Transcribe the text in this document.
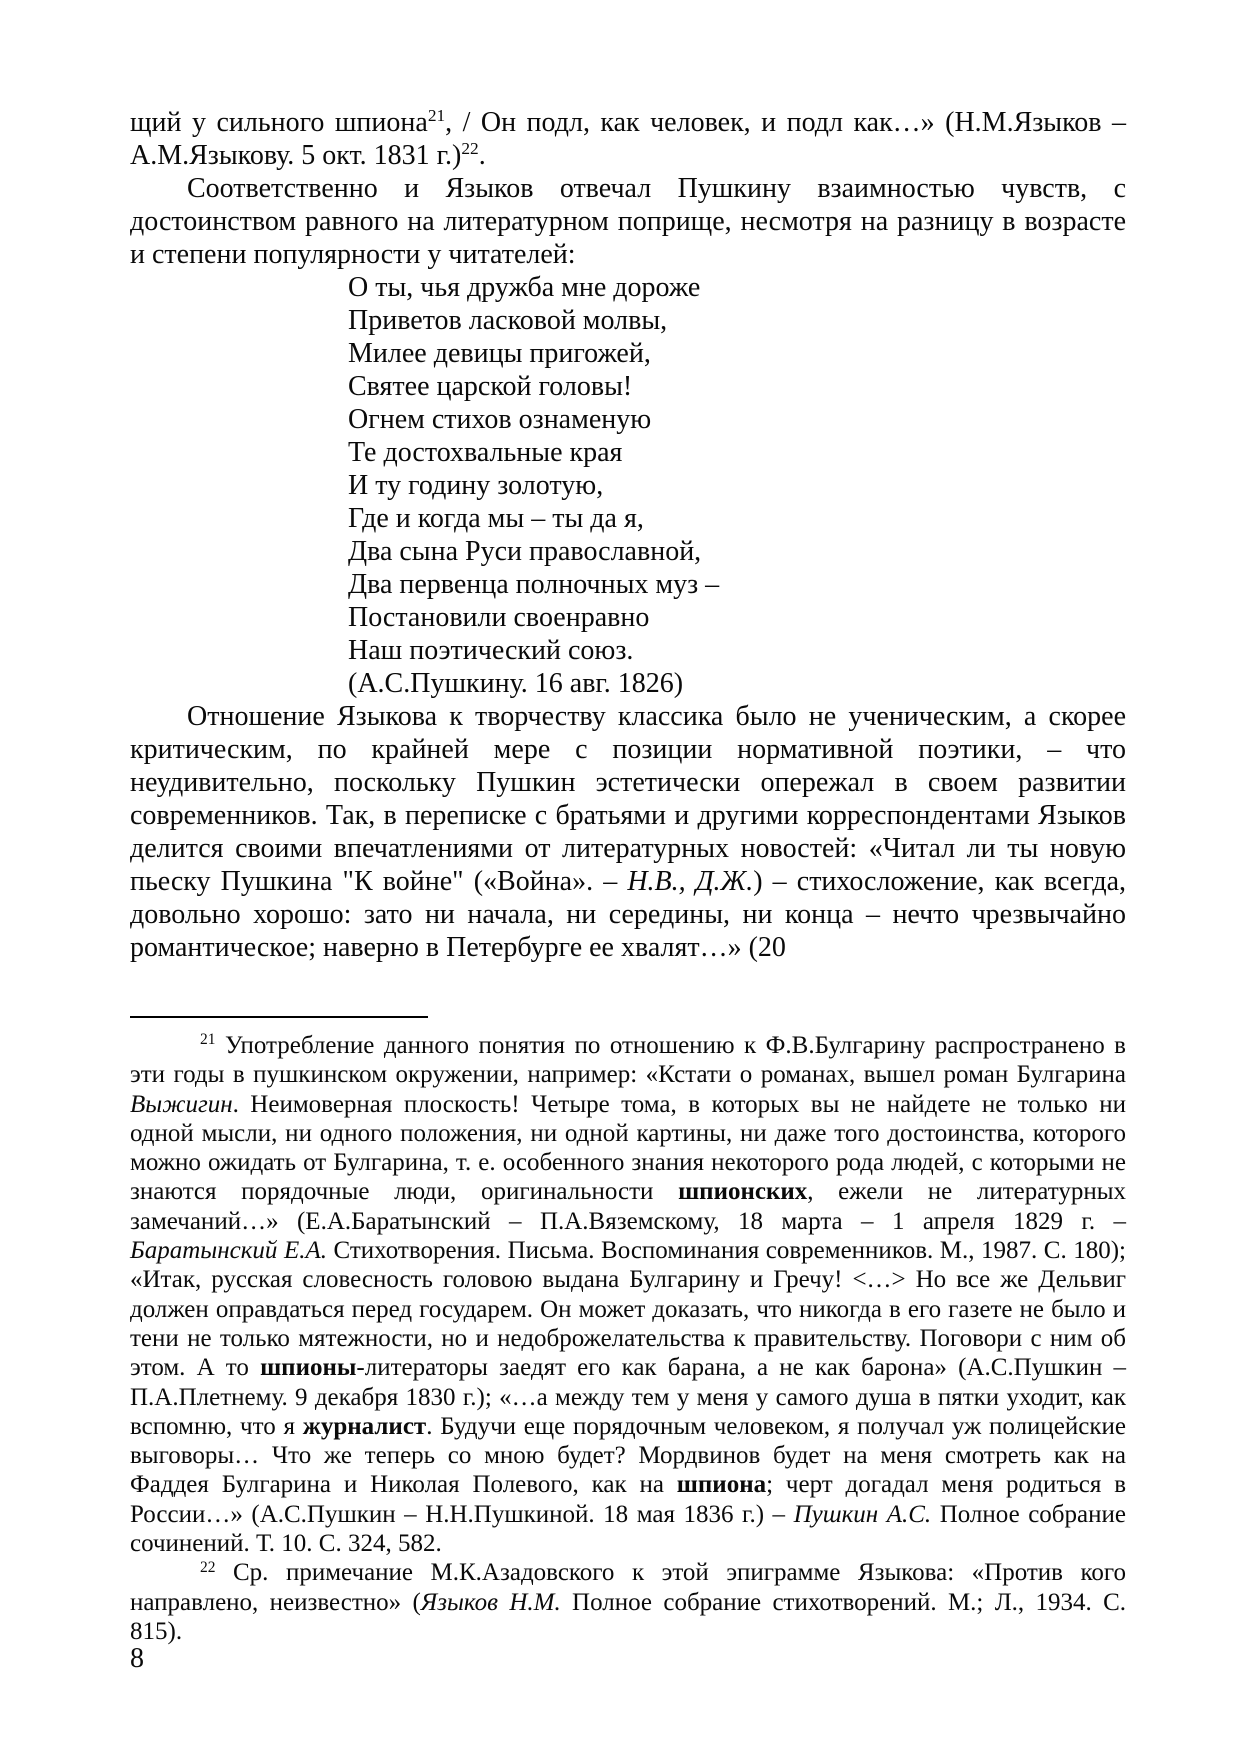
щий у сильного шпиона$^{21}$, / Он подл, как человек, и подл как…» (Н.М.Языков – А.М.Языкову. 5 окт. 1831 г.)$^{22}$.

Соответственно и Языков отвечал Пушкину взаимностью чувств, с достоинством равного на литературном поприще, несмотря на разницу в возрасте и степени популярности у читателей:

О ты, чья дружба мне дороже
Приветов ласковой молвы,
Милее девицы пригожей,
Святее царской головы!
Огнем стихов ознаменую
Те достохвальные края
И ту годину золотую,
Где и когда мы – ты да я,
Два сына Руси православной,
Два первенца полночных муз –
Постановили своенравно
Наш поэтический союз.
(А.С.Пушкину. 16 авг. 1826)

Отношение Языкова к творчеству классика было не ученическим, а скорее критическим, по крайней мере с позиции нормативной поэтики, – что неудивительно, поскольку Пушкин эстетически опережал в своем развитии современников. Так, в переписке с братьями и другими корреспондентами Языков делится своими впечатлениями от литературных новостей: «Читал ли ты новую пьеску Пушкина "К войне" («Война». – Н.В., Д.Ж.) – стихосложение, как всегда, довольно хорошо: зато ни начала, ни середины, ни конца – нечто чрезвычайно романтическое; наверно в Петербурге ее хвалят…» (20

$^{21}$ Употребление данного понятия по отношению к Ф.В.Булгарину распространено в эти годы в пушкинском окружении, например: «Кстати о романах, вышел роман Булгарина Выжигин. Неимоверная плоскость! Четыре тома, в которых вы не найдете не только ни одной мысли, ни одного положения, ни одной картины, ни даже того достоинства, которого можно ожидать от Булгарина, т. е. особенного знания некоторого рода людей, с которыми не знаются порядочные люди, оригинальности шпионских, ежели не литературных замечаний…» (Е.А.Баратынский – П.А.Вяземскому, 18 марта – 1 апреля 1829 г. – Баратынский Е.А. Стихотворения. Письма. Воспоминания современников. М., 1987. С. 180); «Итак, русская словесность головою выдана Булгарину и Гречу! <…> Но все же Дельвиг должен оправдаться перед государем. Он может доказать, что никогда в его газете не было и тени не только мятежности, но и недоброжелательства к правительству. Поговори с ним об этом. А то шпионы-литераторы заедят его как барана, а не как барона» (А.С.Пушкин – П.А.Плетнему. 9 декабря 1830 г.); «…а между тем у меня у самого душа в пятки уходит, как вспомню, что я журналист. Будучи еще порядочным человеком, я получал уж полицейские выговоры… Что же теперь со мною будет? Мордвинов будет на меня смотреть как на Фаддея Булгарина и Николая Полевого, как на шпиона; черт догадал меня родиться в России…» (А.С.Пушкин – Н.Н.Пушкиной. 18 мая 1836 г.) – Пушкин А.С. Полное собрание сочинений. Т. 10. С. 324, 582.

$^{22}$ Ср. примечание М.К.Азадовского к этой эпиграмме Языкова: «Против кого направлено, неизвестно» (Языков Н.М. Полное собрание стихотворений. М.; Л., 1934. С. 815).

8
